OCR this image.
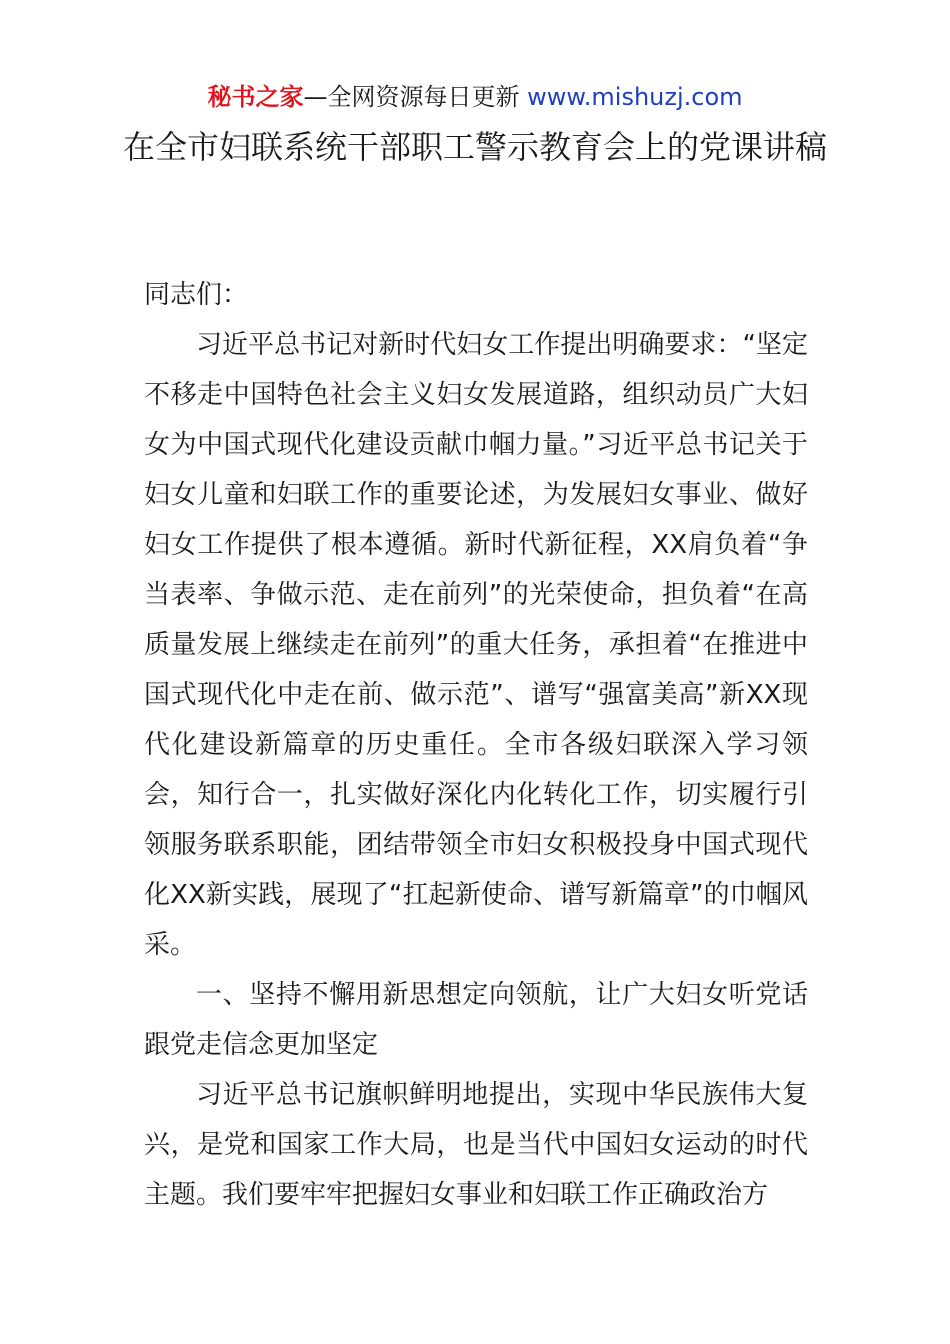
秘书之家—全网资源每日更新 www.mishuzj.com
在全市妇联系统干部职工警示教育会上的党课讲稿

同志们：

习近平总书记对新时代妇女工作提出明确要求：“坚定不移走中国特色社会主义妇女发展道路，组织动员广大妇女为中国式现代化建设贡献巾帼力量。”习近平总书记关于妇女儿童和妇联工作的重要论述，为发展妇女事业、做好妇女工作提供了根本遵循。新时代新征程，XX肩负着“争当表率、争做示范、走在前列”的光荣使命，担负着“在高质量发展上继续走在前列”的重大任务，承担着“在推进中国式现代化中走在前、做示范”、谱写“强富美高”新XX现代化建设新篇章的历史重任。全市各级妇联深入学习领会，知行合一，扎实做好深化内化转化工作，切实履行引领服务联系职能，团结带领全市妇女积极投身中国式现代化XX新实践，展现了“扛起新使命、谱写新篇章”的巾帼风采。

一、坚持不懈用新思想定向领航，让广大妇女听党话跟党走信念更加坚定

习近平总书记旗帜鲜明地提出，实现中华民族伟大复兴，是党和国家工作大局，也是当代中国妇女运动的时代主题。我们要牢牢把握妇女事业和妇联工作正确政治方
